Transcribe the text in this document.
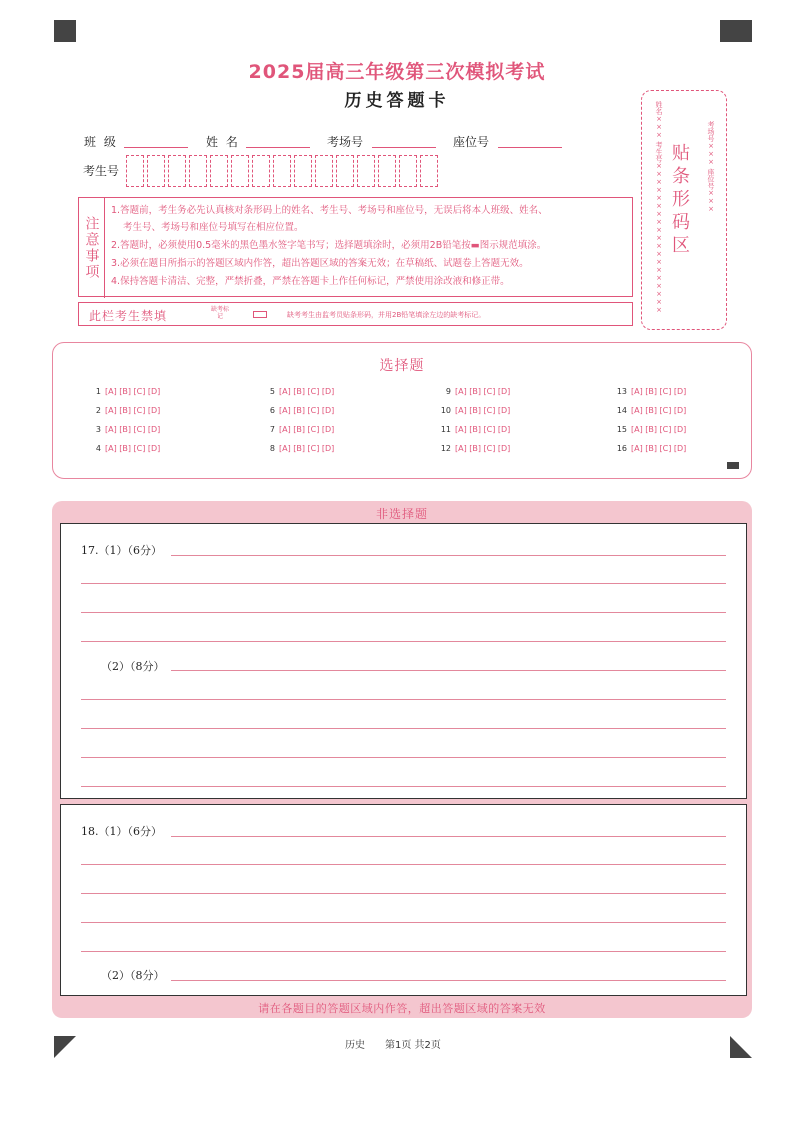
2025届高三年级第三次模拟考试
历史答题卡
班 级	姓 名	考场号	座位号
考生号
注意事项
1.答题前，考生务必先认真核对条形码上的姓名、考生号、考场号和座位号，无误后将本人班级、姓名、
考生号、考场号和座位号填写在相应位置。
2.答题时，必须使用0.5毫米的黑色墨水签字笔书写；选择题填涂时，必须用2B铅笔按▬图示规范填涂。
3.必须在题目所指示的答题区域内作答，超出答题区域的答案无效；在草稿纸、试题卷上答题无效。
4.保持答题卡清洁、完整，严禁折叠，严禁在答题卡上作任何标记，严禁使用涂改液和修正带。
此栏考生禁填	缺考标记	缺考考生由监考员贴条形码，并用2B铅笔填涂左边的缺考标记。
姓名××× 考生号××××××××××××××××××× 贴条形码区 考场号××× 座位号×××
选择题
1 [A] [B] [C] [D]
2 [A] [B] [C] [D]
3 [A] [B] [C] [D]
4 [A] [B] [C] [D]
5 [A] [B] [C] [D]
6 [A] [B] [C] [D]
7 [A] [B] [C] [D]
8 [A] [B] [C] [D]
9 [A] [B] [C] [D]
10 [A] [B] [C] [D]
11 [A] [B] [C] [D]
12 [A] [B] [C] [D]
13 [A] [B] [C] [D]
14 [A] [B] [C] [D]
15 [A] [B] [C] [D]
16 [A] [B] [C] [D]
非选择题
17.（1）（6分）
（2）（8分）
18.（1）（6分）
（2）（8分）
请在各题目的答题区域内作答，超出答题区域的答案无效
历史 第1页 共2页
